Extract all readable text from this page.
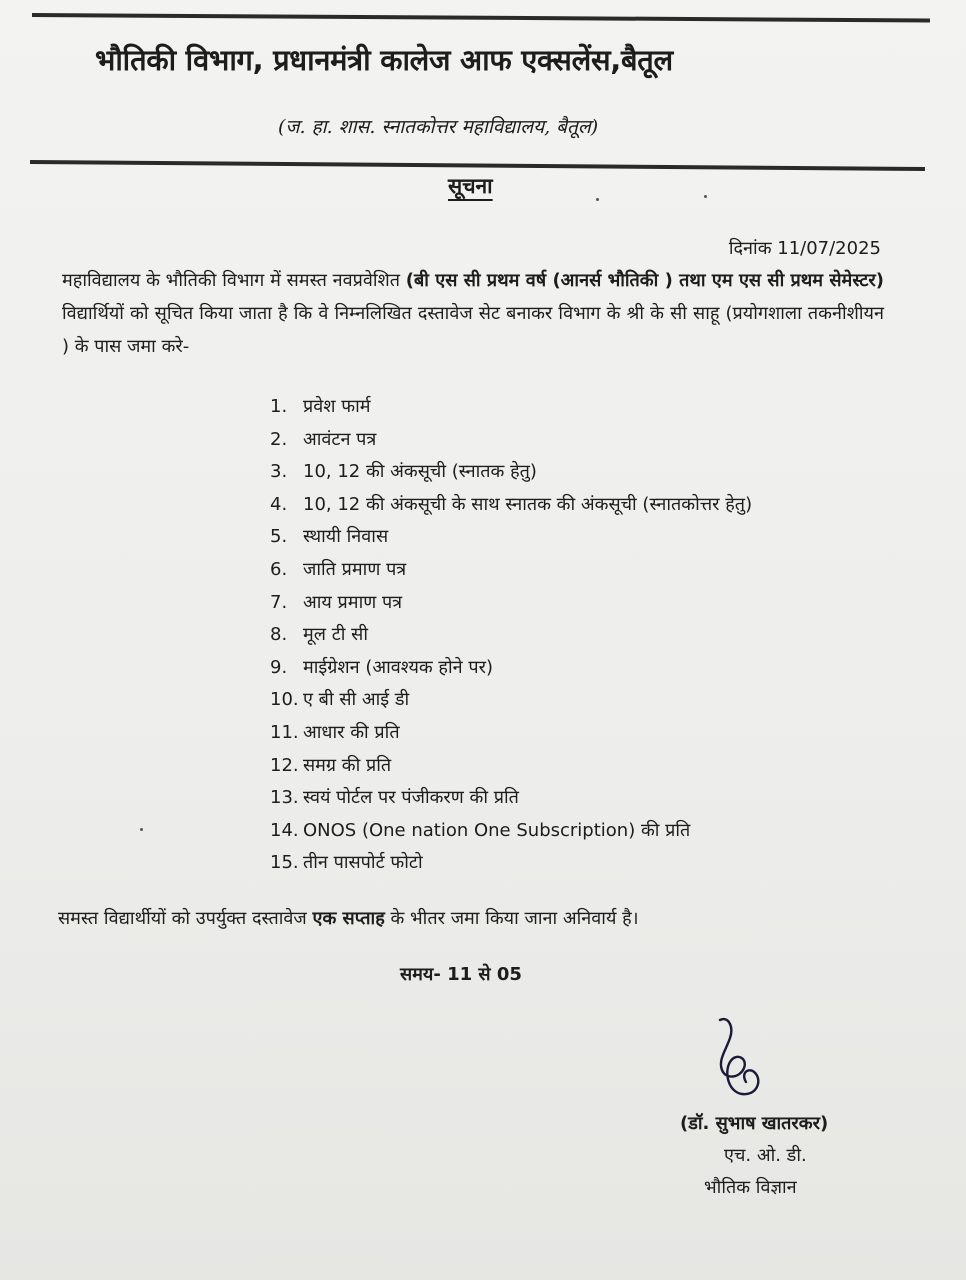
भौतिकी विभाग, प्रधानमंत्री कालेज आफ एक्सलेंस,बैतूल
(ज. हा. शास. स्नातकोत्तर महाविद्यालय, बैतूल)
सूचना
दिनांक 11/07/2025
महाविद्यालय के भौतिकी विभाग में समस्त नवप्रवेशित (बी एस सी प्रथम वर्ष (आनर्स भौतिकी ) तथा एम एस सी प्रथम सेमेस्टर) विद्यार्थियों को सूचित किया जाता है कि वे निम्नलिखित दस्तावेज सेट बनाकर विभाग के श्री के सी साहू (प्रयोगशाला तकनीशीयन ) के पास जमा करे-
1. प्रवेश फार्म
2. आवंटन पत्र
3. 10, 12 की अंकसूची (स्नातक हेतु)
4. 10, 12 की अंकसूची के साथ स्नातक की अंकसूची (स्नातकोत्तर हेतु)
5. स्थायी निवास
6. जाति प्रमाण पत्र
7. आय प्रमाण पत्र
8. मूल टी सी
9. माईग्रेशन (आवश्यक होने पर)
10. ए बी सी आई डी
11. आधार की प्रति
12. समग्र की प्रति
13. स्वयं पोर्टल पर पंजीकरण की प्रति
14. ONOS (One nation One Subscription) की प्रति
15. तीन पासपोर्ट फोटो
समस्त विद्यार्थीयों को उपर्युक्त दस्तावेज एक सप्ताह के भीतर जमा किया जाना अनिवार्य है।
समय- 11 से 05
(डॉ. सुभाष खातरकर)
एच. ओ. डी.
भौतिक विज्ञान
